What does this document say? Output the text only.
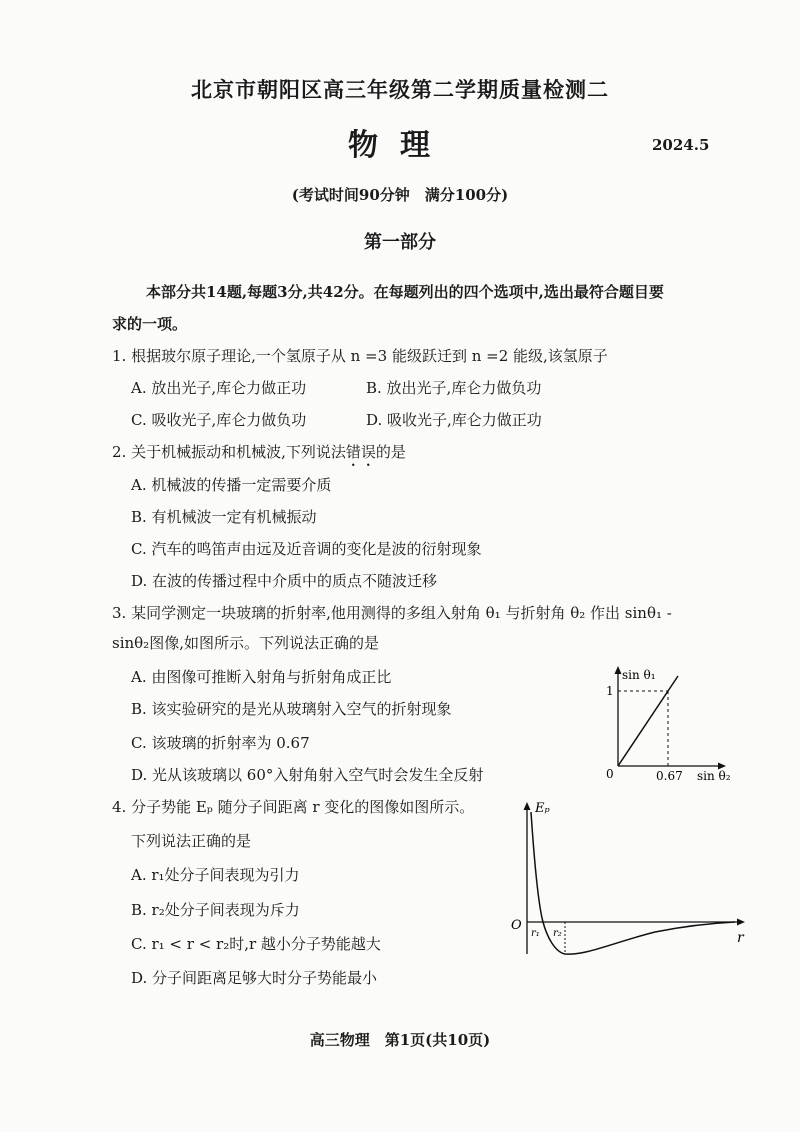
北京市朝阳区高三年级第二学期质量检测二
物理	2024.5
(考试时间90分钟　满分100分)
第一部分
本部分共14题,每题3分,共42分。在每题列出的四个选项中,选出最符合题目要
求的一项。
1. 根据玻尔原子理论,一个氢原子从 n =3 能级跃迁到 n =2 能级,该氢原子
A. 放出光子,库仑力做正功	B. 放出光子,库仑力做负功
C. 吸收光子,库仑力做负功	D. 吸收光子,库仑力做正功
2. 关于机械振动和机械波,下列说法错误的是
A. 机械波的传播一定需要介质
B. 有机械波一定有机械振动
C. 汽车的鸣笛声由远及近音调的变化是波的衍射现象
D. 在波的传播过程中介质中的质点不随波迁移
3. 某同学测定一块玻璃的折射率,他用测得的多组入射角 θ₁ 与折射角 θ₂ 作出 sinθ₁ -
sinθ₂图像,如图所示。下列说法正确的是
A. 由图像可推断入射角与折射角成正比
B. 该实验研究的是光从玻璃射入空气的折射现象
C. 该玻璃的折射率为 0.67
D. 光从该玻璃以 60°入射角射入空气时会发生全反射
sin θ₁
1
0	0.67 sin θ₂
4. 分子势能 Eₚ 随分子间距离 r 变化的图像如图所示。
下列说法正确的是
A. r₁处分子间表现为引力
B. r₂处分子间表现为斥力
C. r₁ < r < r₂时,r 越小分子势能越大
D. 分子间距离足够大时分子势能最小
Eₚ
O
r₁ r₂	r
高三物理　第1页(共10页)
